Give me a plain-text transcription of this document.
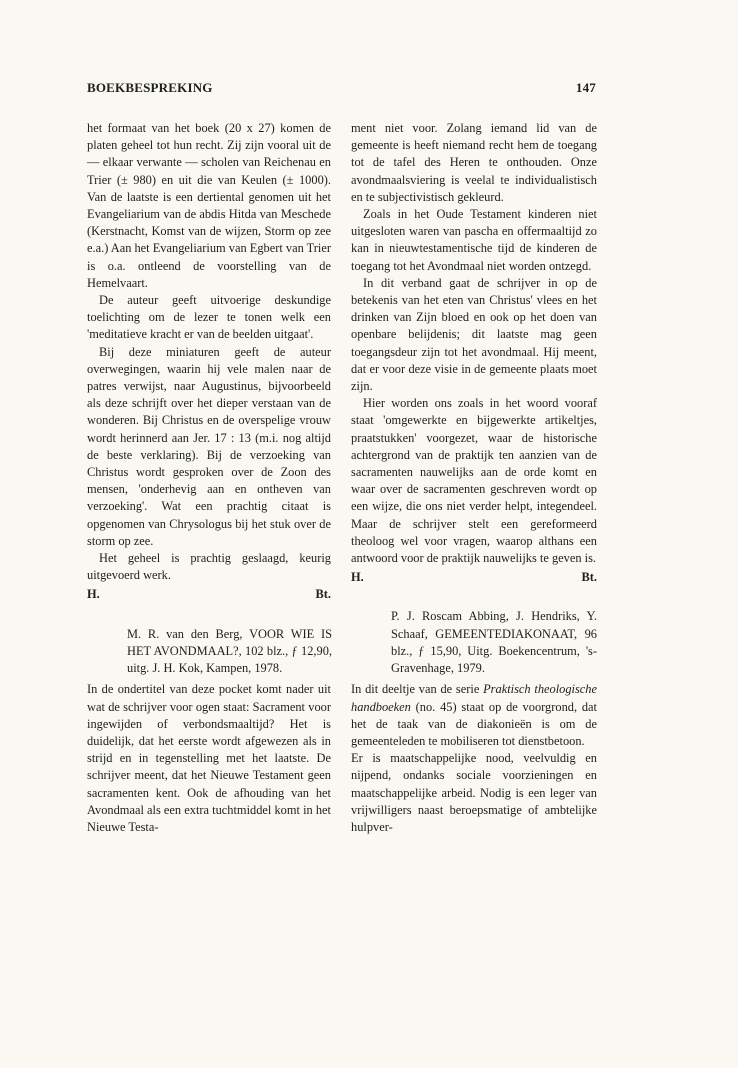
BOEKBESPREKING	147

het formaat van het boek (20 x 27) komen de platen geheel tot hun recht. Zij zijn vooral uit de — elkaar verwante — scholen van Reichenau en Trier (± 980) en uit die van Keulen (± 1000). Van de laatste is een dertiental genomen uit het Evangeliarium van de abdis Hitda van Meschede (Kerstnacht, Komst van de wijzen, Storm op zee e.a.) Aan het Evangeliarium van Egbert van Trier is o.a. ontleend de voorstelling van de Hemelvaart.

De auteur geeft uitvoerige deskundige toelichting om de lezer te tonen welk een 'meditatieve kracht er van de beelden uitgaat'.

Bij deze miniaturen geeft de auteur overwegingen, waarin hij vele malen naar de patres verwijst, naar Augustinus, bijvoorbeeld als deze schrijft over het dieper verstaan van de wonderen. Bij Christus en de overspelige vrouw wordt herinnerd aan Jer. 17 : 13 (m.i. nog altijd de beste verklaring). Bij de verzoeking van Christus wordt gesproken over de Zoon des mensen, 'onderhevig aan en ontheven van verzoeking'. Wat een prachtig citaat is opgenomen van Chrysologus bij het stuk over de storm op zee.

Het geheel is prachtig geslaagd, keurig uitgevoerd werk.

H.	Bt.

M. R. van den Berg, VOOR WIE IS HET AVONDMAAL?, 102 blz., ƒ 12,90, uitg. J. H. Kok, Kampen, 1978.

In de ondertitel van deze pocket komt nader uit wat de schrijver voor ogen staat: Sacrament voor ingewijden of verbondsmaaltijd? Het is duidelijk, dat het eerste wordt afgewezen als in strijd en in tegenstelling met het laatste. De schrijver meent, dat het Nieuwe Testament geen sacramenten kent. Ook de afhouding van het Avondmaal als een extra tuchtmiddel komt in het Nieuwe Testa-

ment niet voor. Zolang iemand lid van de gemeente is heeft niemand recht hem de toegang tot de tafel des Heren te onthouden. Onze avondmaalsviering is veelal te individualistisch en te subjectivistisch gekleurd.

Zoals in het Oude Testament kinderen niet uitgesloten waren van pascha en offermaaltijd zo kan in nieuwtestamentische tijd de kinderen de toegang tot het Avondmaal niet worden ontzegd.

In dit verband gaat de schrijver in op de betekenis van het eten van Christus' vlees en het drinken van Zijn bloed en ook op het doen van openbare belijdenis; dit laatste mag geen toegangsdeur zijn tot het avondmaal. Hij meent, dat er voor deze visie in de gemeente plaats moet zijn.

Hier worden ons zoals in het woord vooraf staat 'omgewerkte en bijgewerkte artikeltjes, praatstukken' voorgezet, waar de historische achtergrond van de praktijk ten aanzien van de sacramenten nauwelijks aan de orde komt en waar over de sacramenten geschreven wordt op een wijze, die ons niet verder helpt, integendeel. Maar de schrijver stelt een gereformeerd theoloog wel voor vragen, waarop althans een antwoord voor de praktijk nauwelijks te geven is.

H.	Bt.

P. J. Roscam Abbing, J. Hendriks, Y. Schaaf, GEMEENTEDIAKONAAT, 96 blz., ƒ 15,90, Uitg. Boekencentrum, 's-Gravenhage, 1979.

In dit deeltje van de serie Praktisch theologische handboeken (no. 45) staat op de voorgrond, dat het de taak van de diakonieën is om de gemeenteleden te mobiliseren tot dienstbetoon.

Er is maatschappelijke nood, veelvuldig en nijpend, ondanks sociale voorzieningen en maatschappelijke arbeid. Nodig is een leger van vrijwilligers naast beroepsmatige of ambtelijke hulpver-
